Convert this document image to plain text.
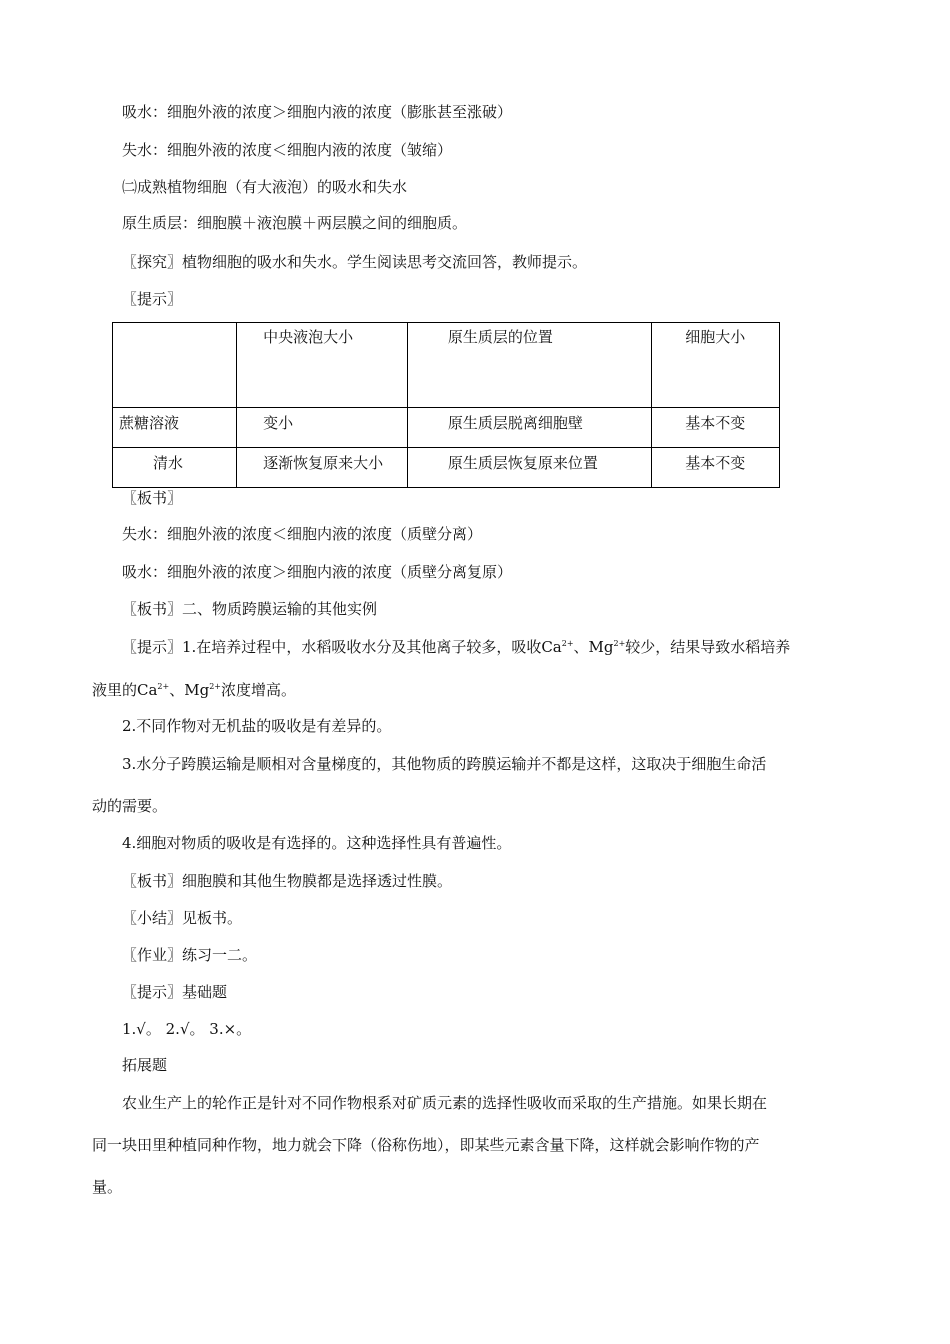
吸水：细胞外液的浓度＞细胞内液的浓度（膨胀甚至涨破）
失水：细胞外液的浓度＜细胞内液的浓度（皱缩）
㈡成熟植物细胞（有大液泡）的吸水和失水
原生质层：细胞膜＋液泡膜＋两层膜之间的细胞质。
〖探究〗植物细胞的吸水和失水。学生阅读思考交流回答，教师提示。
〖提示〗
	中央液泡大小	原生质层的位置	细胞大小
蔗糖溶液	变小	原生质层脱离细胞壁	基本不变
清水	逐渐恢复原来大小	原生质层恢复原来位置	基本不变
〖板书〗
失水：细胞外液的浓度＜细胞内液的浓度（质壁分离）
吸水：细胞外液的浓度＞细胞内液的浓度（质壁分离复原）
〖板书〗二、物质跨膜运输的其他实例
〖提示〗1.在培养过程中，水稻吸收水分及其他离子较多，吸收$Ca^{2+}$、$Mg^{2+}$较少，结果导致水稻培养
液里的$Ca^{2+}$、$Mg^{2+}$浓度增高。
2.不同作物对无机盐的吸收是有差异的。
3.水分子跨膜运输是顺相对含量梯度的，其他物质的跨膜运输并不都是这样，这取决于细胞生命活
动的需要。
4.细胞对物质的吸收是有选择的。这种选择性具有普遍性。
〖板书〗细胞膜和其他生物膜都是选择透过性膜。
〖小结〗见板书。
〖作业〗练习一二。
〖提示〗基础题
1.√。 2.√。 3.×。
拓展题
农业生产上的轮作正是针对不同作物根系对矿质元素的选择性吸收而采取的生产措施。如果长期在
同一块田里种植同种作物，地力就会下降（俗称伤地），即某些元素含量下降，这样就会影响作物的产
量。
